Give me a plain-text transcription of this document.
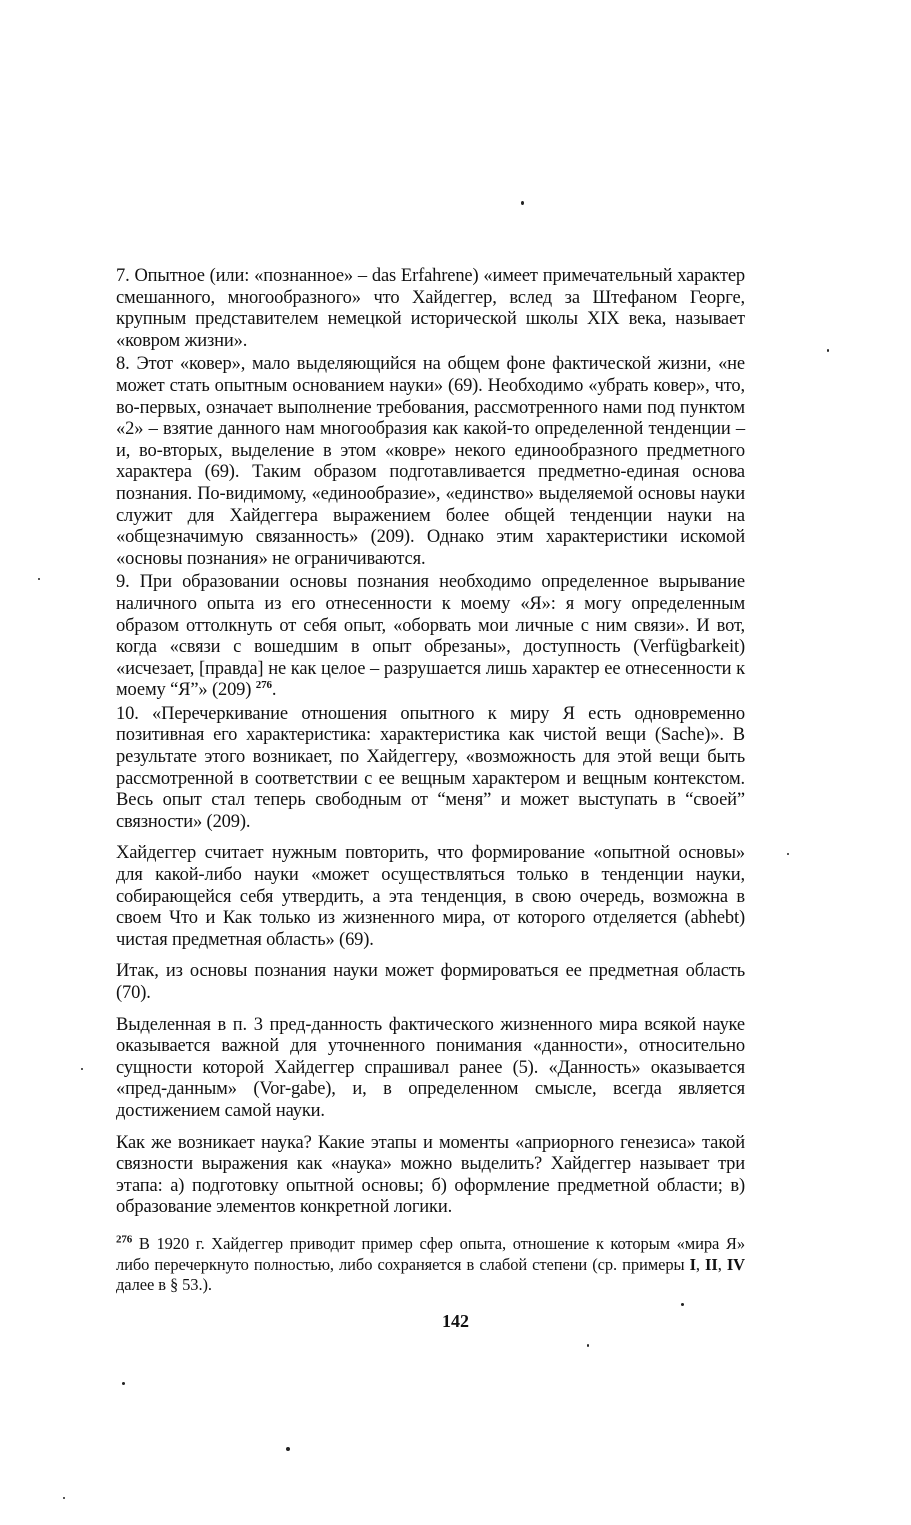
7. Опытное (или: «познанное» – das Erfahrene) «имеет примечательный характер смешанного, многообразного» что Хайдеггер, вслед за Штефаном Георге, крупным представителем немецкой исторической школы XIX века, называет «ковром жизни».

8. Этот «ковер», мало выделяющийся на общем фоне фактической жизни, «не может стать опытным основанием науки» (69). Необходимо «убрать ковер», что, во-первых, означает выполнение требования, рассмотренного нами под пунктом «2» – взятие данного нам многообразия как какой-то определенной тенденции – и, во-вторых, выделение в этом «ковре» некого единообразного предметного характера (69). Таким образом подготавливается предметно-единая основа познания. По-видимому, «единообразие», «единство» выделяемой основы науки служит для Хайдеггера выражением более общей тенденции науки на «общезначимую связанность» (209). Однако этим характеристики искомой «основы познания» не ограничиваются.

9. При образовании основы познания необходимо определенное вырывание наличного опыта из его отнесенности к моему «Я»: я могу определенным образом оттолкнуть от себя опыт, «оборвать мои личные с ним связи». И вот, когда «связи с вошедшим в опыт обрезаны», доступность (Verfügbarkeit) «исчезает, [правда] не как целое – разрушается лишь характер ее отнесенности к моему “Я”» (209) $^{276}$.

10. «Перечеркивание отношения опытного к миру Я есть одновременно позитивная его характеристика: характеристика как чистой вещи (Sache)». В результате этого возникает, по Хайдеггеру, «возможность для этой вещи быть рассмотренной в соответствии с ее вещным характером и вещным контекстом. Весь опыт стал теперь свободным от “меня” и может выступать в “своей” связности» (209).

Хайдеггер считает нужным повторить, что формирование «опытной основы» для какой-либо науки «может осуществляться только в тенденции науки, собирающейся себя утвердить, а эта тенденция, в свою очередь, возможна в своем Что и Как только из жизненного мира, от которого отделяется (abhebt) чистая предметная область» (69).

Итак, из основы познания науки может формироваться ее предметная область (70).

Выделенная в п. 3 пред-данность фактического жизненного мира всякой науке оказывается важной для уточненного понимания «данности», относительно сущности которой Хайдеггер спрашивал ранее (5). «Данность» оказывается «пред-данным» (Vor-gabe), и, в определенном смысле, всегда является достижением самой науки.

Как же возникает наука? Какие этапы и моменты «априорного генезиса» такой связности выражения как «наука» можно выделить? Хайдеггер называет три этапа: а) подготовку опытной основы; б) оформление предметной области; в) образование элементов конкретной логики.

$^{276}$ В 1920 г. Хайдеггер приводит пример сфер опыта, отношение к которым «мира Я» либо перечеркнуто полностью, либо сохраняется в слабой степени (ср. примеры I, II, IV далее в § 53.).
142
